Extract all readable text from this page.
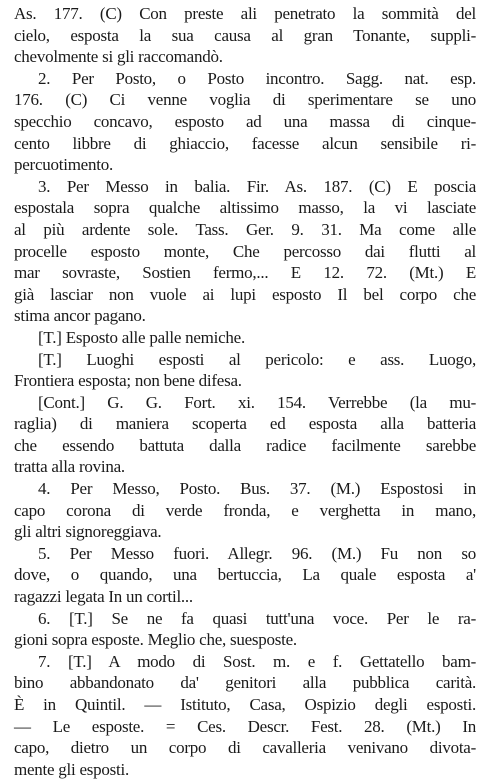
As. 177. (C) Con preste ali penetrato la sommità del
cielo, esposta la sua causa al gran Tonante, suppli-
chevolmente si gli raccomandò.
2. Per Posto, o Posto incontro. Sagg. nat. esp.
176. (C) Ci venne voglia di sperimentare se uno
specchio concavo, esposto ad una massa di cinque-
cento libbre di ghiaccio, facesse alcun sensibile ri-
percuotimento.
3. Per Messo in balia. Fir. As. 187. (C) E poscia
espostala sopra qualche altissimo masso, la vi lasciate
al più ardente sole. Tass. Ger. 9. 31. Ma come alle
procelle esposto monte, Che percosso dai flutti al
mar sovraste, Sostien fermo,... E 12. 72. (Mt.) E
già lasciar non vuole ai lupi esposto Il bel corpo che
stima ancor pagano.
[T.] Esposto alle palle nemiche.
[T.] Luoghi esposti al pericolo: e ass. Luogo,
Frontiera esposta; non bene difesa.
[Cont.] G. G. Fort. xi. 154. Verrebbe (la mu-
raglia) di maniera scoperta ed esposta alla batteria
che essendo battuta dalla radice facilmente sarebbe
tratta alla rovina.
4. Per Messo, Posto. Bus. 37. (M.) Espostosi in
capo corona di verde fronda, e verghetta in mano,
gli altri signoreggiava.
5. Per Messo fuori. Allegr. 96. (M.) Fu non so
dove, o quando, una bertuccia, La quale esposta a'
ragazzi legata In un cortil...
6. [T.] Se ne fa quasi tutt'una voce. Per le ra-
gioni sopra esposte. Meglio che, suesposte.
7. [T.] A modo di Sost. m. e f. Gettatello bam-
bino abbandonato da' genitori alla pubblica carità.
È in Quintil. — Istituto, Casa, Ospizio degli esposti.
— Le esposte. = Ces. Descr. Fest. 28. (Mt.) In
capo, dietro un corpo di cavalleria venivano divota-
mente gli esposti.
